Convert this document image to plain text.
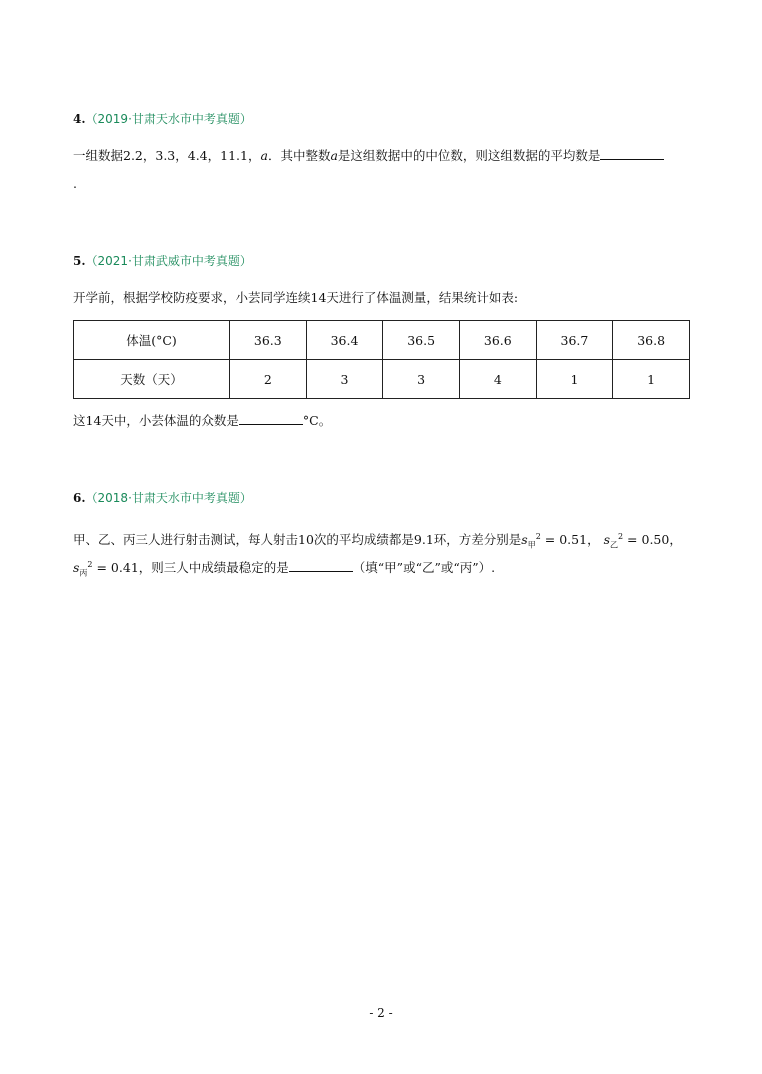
4.（2019·甘肃天水市中考真题）
一组数据2.2，3.3，4.4，11.1，a．其中整数a是这组数据中的中位数，则这组数据的平均数是
.
5.（2021·甘肃武威市中考真题）
开学前，根据学校防疫要求，小芸同学连续14天进行了体温测量，结果统计如表:
体温(°C)	36.3	36.4	36.5	36.6	36.7	36.8
天数（天）	2	3	3	4	1	1
这14天中，小芸体温的众数是	°C。
6.（2018·甘肃天水市中考真题）
甲、乙、丙三人进行射击测试，每人射击10次的平均成绩都是9.1环，方差分别是$s_甲^2 = 0.51$， $s_乙^2 = 0.50$，
$s_丙^2 = 0.41$，则三人中成绩最稳定的是	（填“甲”或“乙”或“丙”）.
- 2 -
